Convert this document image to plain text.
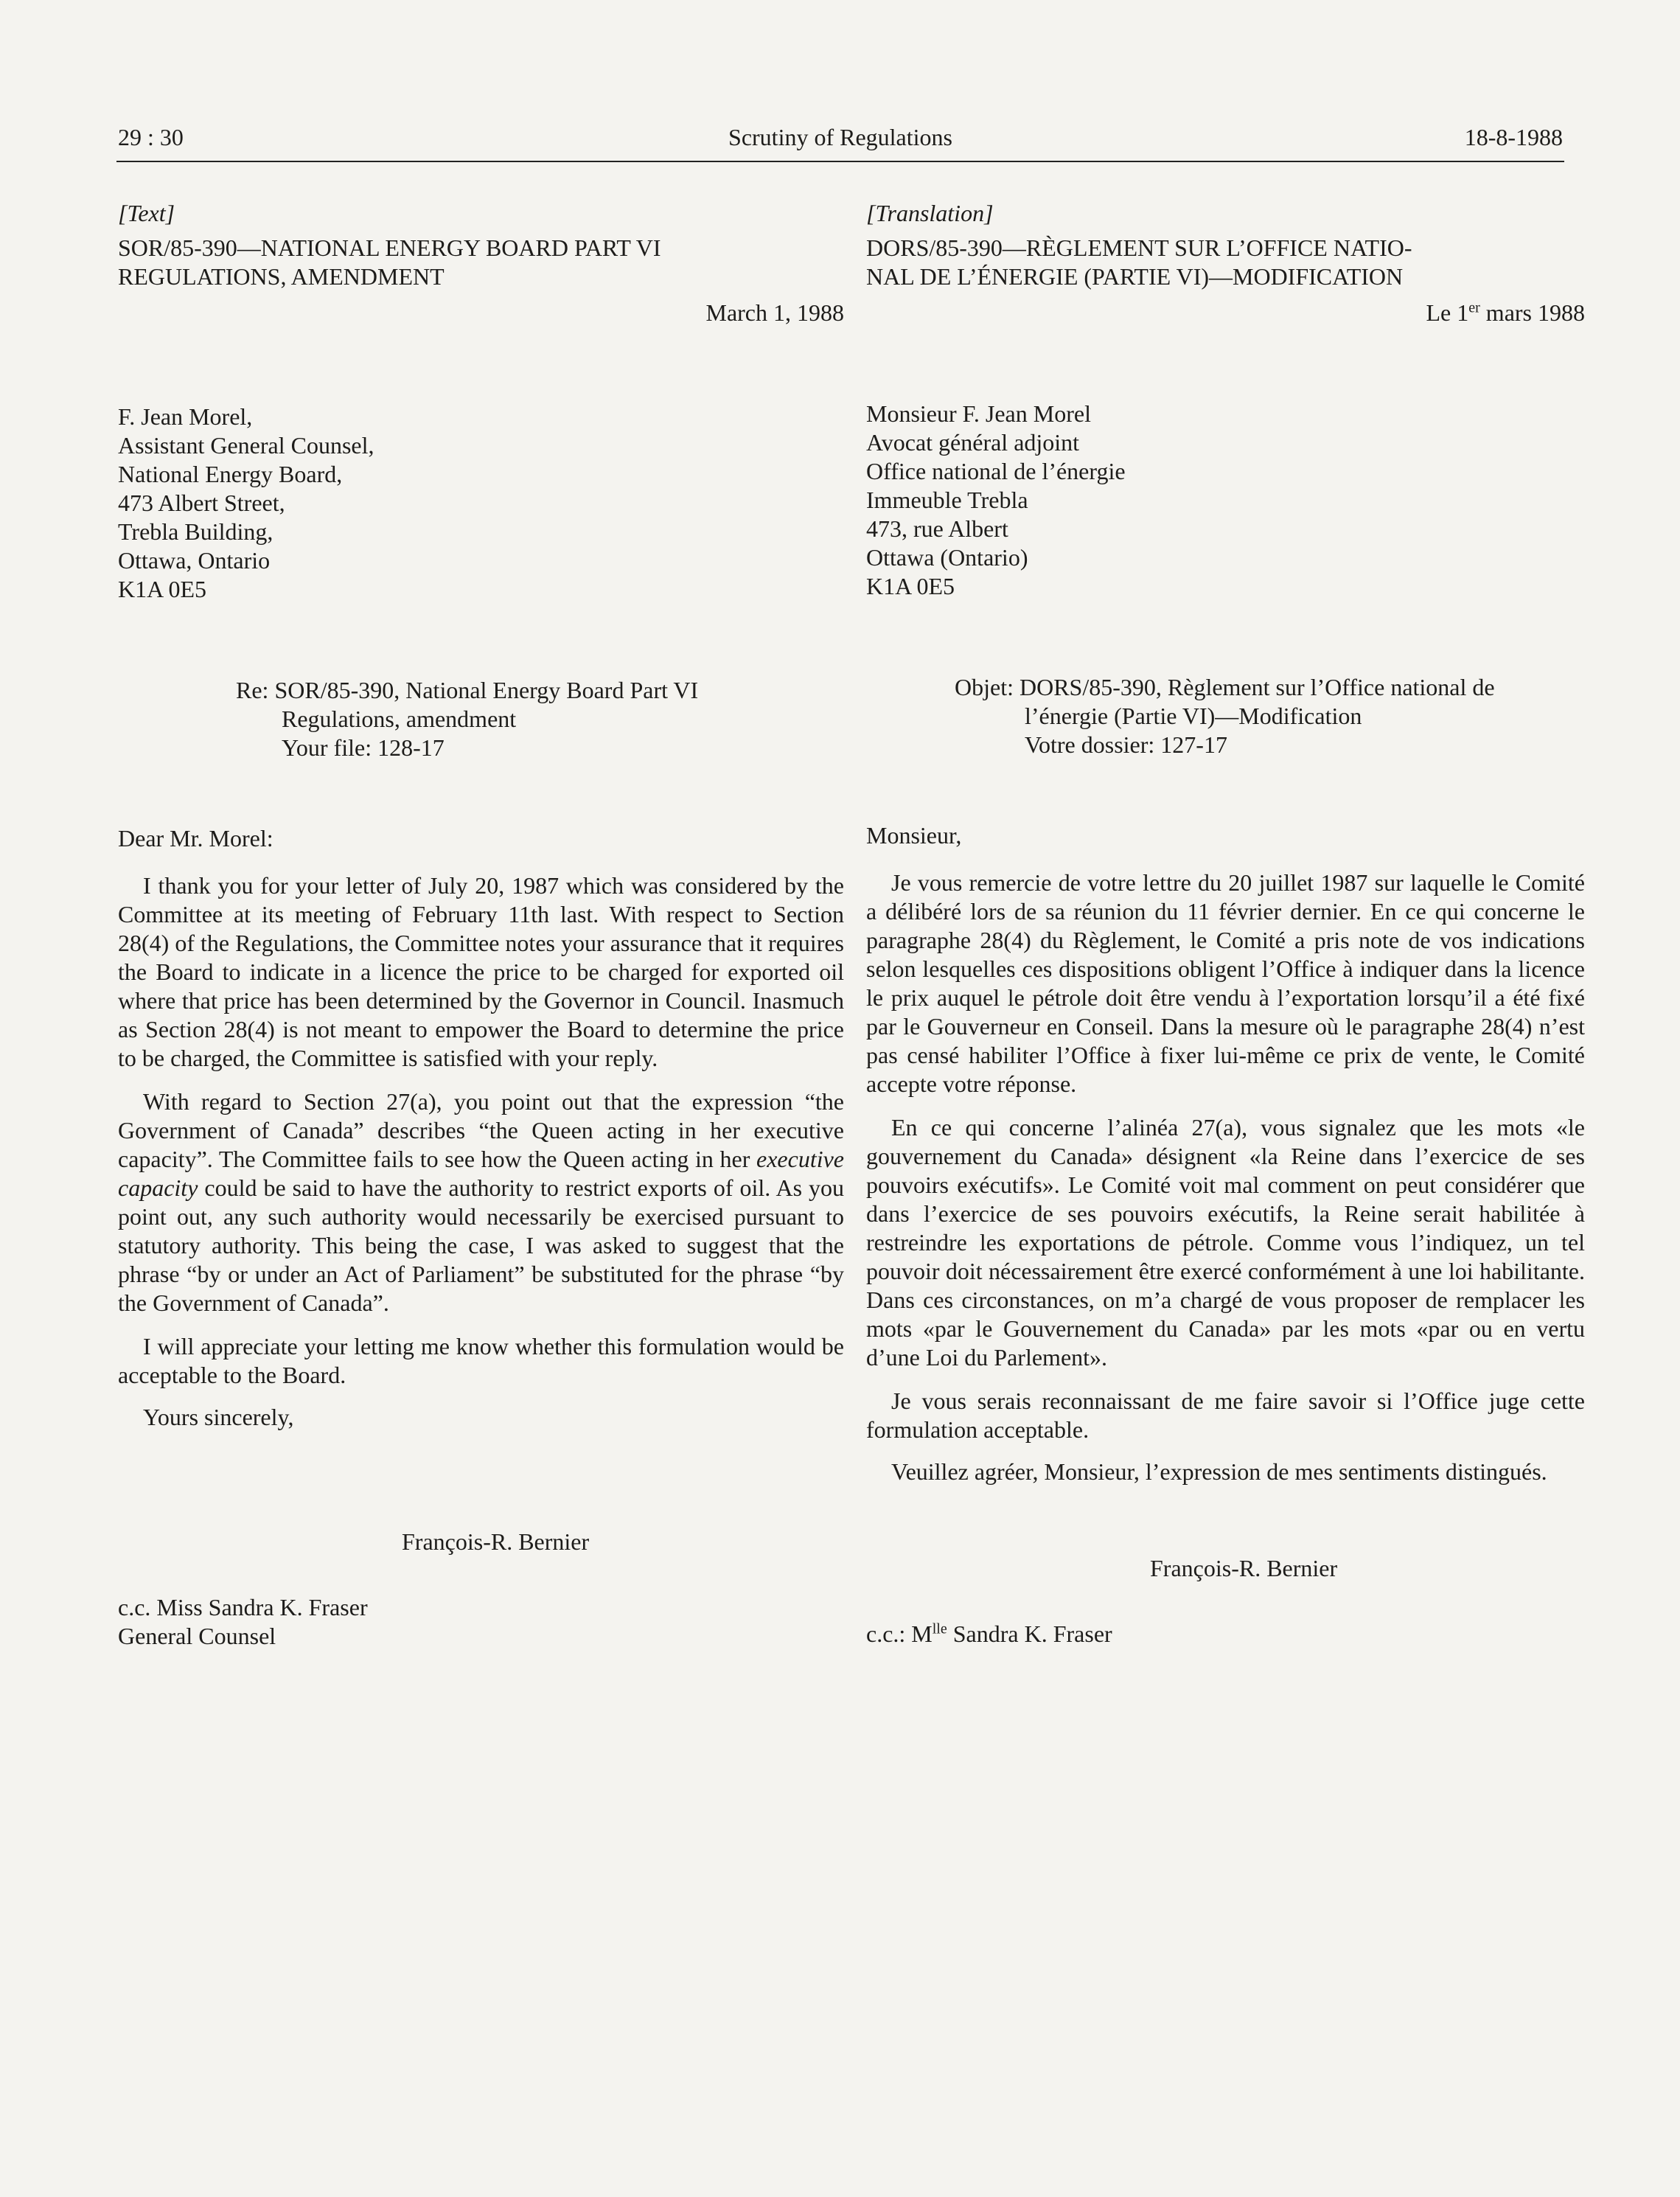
29 : 30	Scrutiny of Regulations	18-8-1988

[Text]

SOR/85-390—NATIONAL ENERGY BOARD PART VI
REGULATIONS, AMENDMENT

March 1, 1988

F. Jean Morel,
Assistant General Counsel,
National Energy Board,
473 Albert Street,
Trebla Building,
Ottawa, Ontario
K1A 0E5
Re: SOR/85-390, National Energy Board Part VI
Regulations, amendment
Your file: 128-17

Dear Mr. Morel:

I thank you for your letter of July 20, 1987 which was considered by the Committee at its meeting of February 11th last. With respect to Section 28(4) of the Regulations, the Committee notes your assurance that it requires the Board to indicate in a licence the price to be charged for exported oil where that price has been determined by the Governor in Council. Inasmuch as Section 28(4) is not meant to empower the Board to determine the price to be charged, the Committee is satisfied with your reply.

With regard to Section 27(a), you point out that the expression “the Government of Canada” describes “the Queen acting in her executive capacity”. The Committee fails to see how the Queen acting in her executive capacity could be said to have the authority to restrict exports of oil. As you point out, any such authority would necessarily be exercised pursuant to statutory authority. This being the case, I was asked to suggest that the phrase “by or under an Act of Parliament” be substituted for the phrase “by the Government of Canada”.

I will appreciate your letting me know whether this formulation would be acceptable to the Board.

Yours sincerely,

François-R. Bernier

c.c. Miss Sandra K. Fraser
General Counsel

[Translation]

DORS/85-390—RÈGLEMENT SUR L’OFFICE NATIO-
NAL DE L’ÉNERGIE (PARTIE VI)—MODIFICATION

Le 1er mars 1988

Monsieur F. Jean Morel
Avocat général adjoint
Office national de l’énergie
Immeuble Trebla
473, rue Albert
Ottawa (Ontario)
K1A 0E5
Objet: DORS/85-390, Règlement sur l’Office national de
l’énergie (Partie VI)—Modification
Votre dossier: 127-17

Monsieur,

Je vous remercie de votre lettre du 20 juillet 1987 sur laquelle le Comité a délibéré lors de sa réunion du 11 février dernier. En ce qui concerne le paragraphe 28(4) du Règlement, le Comité a pris note de vos indications selon lesquelles ces dispositions obligent l’Office à indiquer dans la licence le prix auquel le pétrole doit être vendu à l’exportation lorsqu’il a été fixé par le Gouverneur en Conseil. Dans la mesure où le paragraphe 28(4) n’est pas censé habiliter l’Office à fixer lui-même ce prix de vente, le Comité accepte votre réponse.

En ce qui concerne l’alinéa 27(a), vous signalez que les mots «le gouvernement du Canada» désignent «la Reine dans l’exercice de ses pouvoirs exécutifs». Le Comité voit mal comment on peut considérer que dans l’exercice de ses pouvoirs exécutifs, la Reine serait habilitée à restreindre les exportations de pétrole. Comme vous l’indiquez, un tel pouvoir doit nécessairement être exercé conformément à une loi habilitante. Dans ces circonstances, on m’a chargé de vous proposer de remplacer les mots «par le Gouvernement du Canada» par les mots «par ou en vertu d’une Loi du Parlement».

Je vous serais reconnaissant de me faire savoir si l’Office juge cette formulation acceptable.

Veuillez agréer, Monsieur, l’expression de mes sentiments distingués.

François-R. Bernier

c.c.: $M^{lle}$ Sandra K. Fraser
